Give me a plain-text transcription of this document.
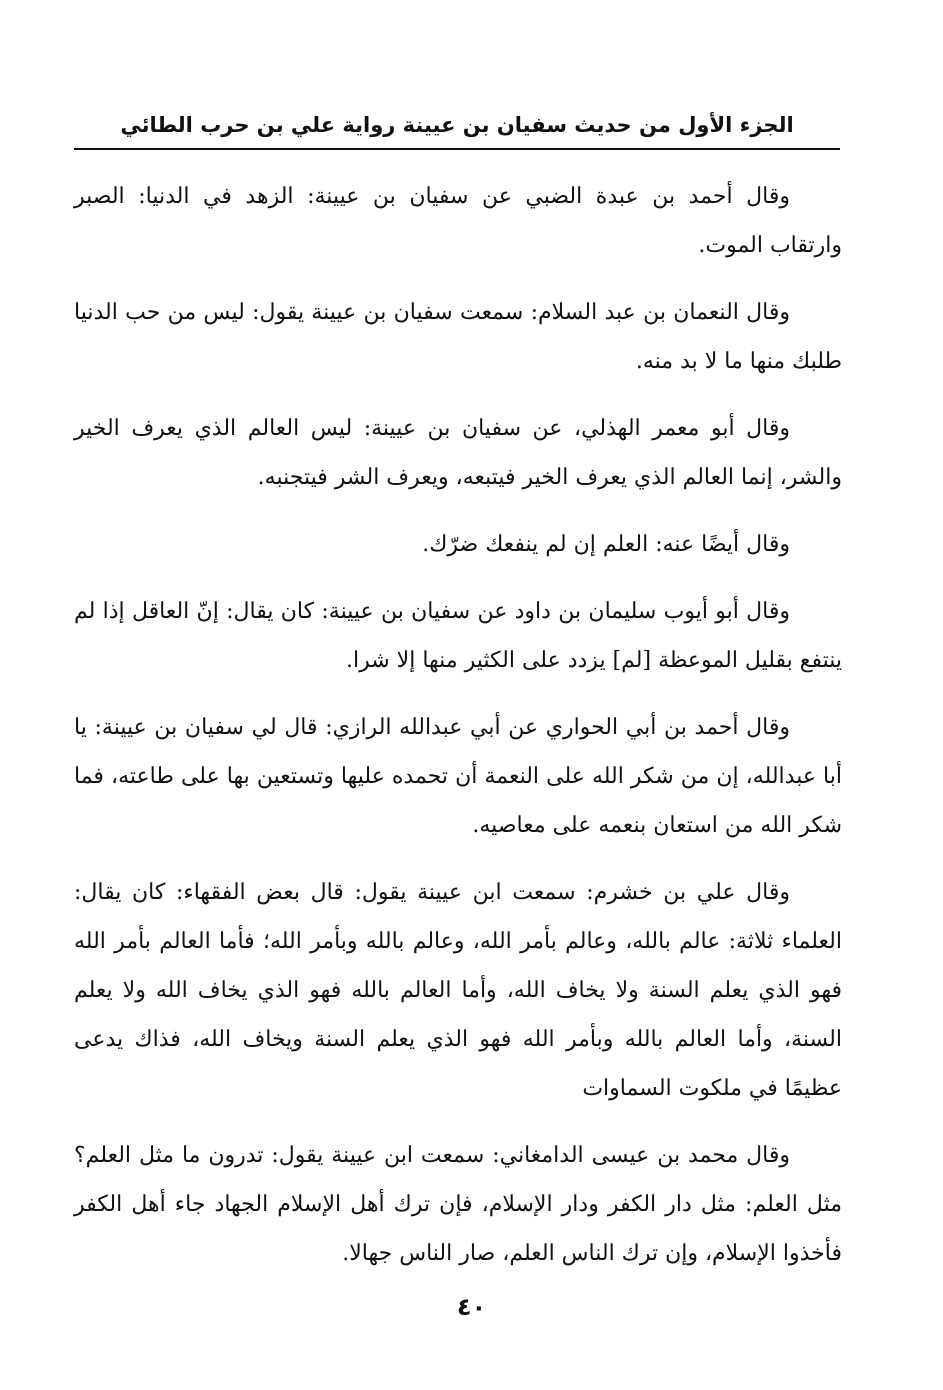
الجزء الأول من حديث سفيان بن عيينة رواية علي بن حرب الطائي

وقال أحمد بن عبدة الضبي عن سفيان بن عيينة: الزهد في الدنيا: الصبر وارتقاب الموت.

وقال النعمان بن عبد السلام: سمعت سفيان بن عيينة يقول: ليس من حب الدنيا طلبك منها ما لا بد منه.

وقال أبو معمر الهذلي، عن سفيان بن عيينة: ليس العالم الذي يعرف الخير والشر، إنما العالم الذي يعرف الخير فيتبعه، ويعرف الشر فيتجنبه.

وقال أيضًا عنه: العلم إن لم ينفعك ضرّك.

وقال أبو أيوب سليمان بن داود عن سفيان بن عيينة: كان يقال: إنّ العاقل إذا لم ينتفع بقليل الموعظة [لم] يزدد على الكثير منها إلا شرا.

وقال أحمد بن أبي الحواري عن أبي عبدالله الرازي: قال لي سفيان بن عيينة: يا أبا عبدالله، إن من شكر الله على النعمة أن تحمده عليها وتستعين بها على طاعته، فما شكر الله من استعان بنعمه على معاصيه.

وقال علي بن خشرم: سمعت ابن عيينة يقول: قال بعض الفقهاء: كان يقال: العلماء ثلاثة: عالم بالله، وعالم بأمر الله، وعالم بالله وبأمر الله؛ فأما العالم بأمر الله فهو الذي يعلم السنة ولا يخاف الله، وأما العالم بالله فهو الذي يخاف الله ولا يعلم السنة، وأما العالم بالله وبأمر الله فهو الذي يعلم السنة ويخاف الله، فذاك يدعى عظيمًا في ملكوت السماوات

وقال محمد بن عيسى الدامغاني: سمعت ابن عيينة يقول: تدرون ما مثل العلم؟ مثل العلم: مثل دار الكفر ودار الإسلام، فإن ترك أهل الإسلام الجهاد جاء أهل الكفر فأخذوا الإسلام، وإن ترك الناس العلم، صار الناس جهالا.

٤٠
